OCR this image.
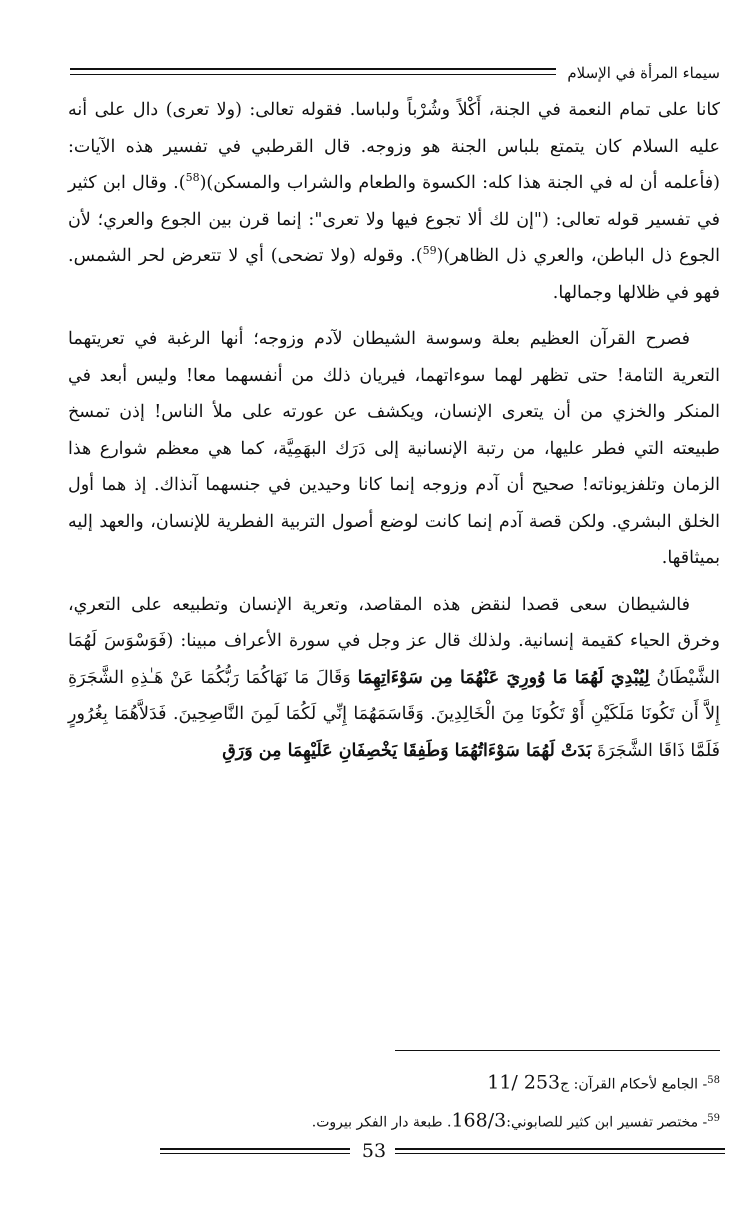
سيماء المرأة في الإسلام

كانا على تمام النعمة في الجنة، أَكْلاً وشُرْباً ولباسا. فقوله تعالى: (ولا تعرى) دال على أنه عليه السلام كان يتمتع بلباس الجنة هو وزوجه. قال القرطبي في تفسير هذه الآيات: (فأعلمه أن له في الجنة هذا كله: الكسوة والطعام والشراب والمسكن)($^{58}$). وقال ابن كثير في تفسير قوله تعالى: ("إن لك ألا تجوع فيها ولا تعرى": إنما قرن بين الجوع والعري؛ لأن الجوع ذل الباطن، والعري ذل الظاهر)($^{59}$). وقوله (ولا تضحى) أي لا تتعرض لحر الشمس. فهو في ظلالها وجمالها.

فصرح القرآن العظيم بعلة وسوسة الشيطان لآدم وزوجه؛ أنها الرغبة في تعريتهما التعرية التامة! حتى تظهر لهما سوءاتهما، فيريان ذلك من أنفسهما معا! وليس أبعد في المنكر والخزي من أن يتعرى الإنسان، ويكشف عن عورته على ملأ الناس! إذن تمسخ طبيعته التي فطر عليها، من رتبة الإنسانية إلى دَرَك البهَمِيَّة، كما هي معظم شوارع هذا الزمان وتلفزيوناته! صحيح أن آدم وزوجه إنما كانا وحيدين في جنسهما آنذاك. إذ هما أول الخلق البشري. ولكن قصة آدم إنما كانت لوضع أصول التربية الفطرية للإنسان، والعهد إليه بميثاقها.

فالشيطان سعى قصدا لنقض هذه المقاصد، وتعرية الإنسان وتطبيعه على التعري، وخرق الحياء كقيمة إنسانية. ولذلك قال عز وجل في سورة الأعراف مبينا: (فَوَسْوَسَ لَهُمَا الشَّيْطَانُ لِيُبْدِيَ لَهُمَا مَا وُورِيَ عَنْهُمَا مِن سَوْءَاتِهِمَا وَقَالَ مَا نَهَاكُمَا رَبُّكُمَا عَنْ هَـٰذِهِ الشَّجَرَةِ إِلاَّ أَن تَكُونَا مَلَكَيْنِ أَوْ تَكُونَا مِنَ الْخَالِدِينَ. وَقَاسَمَهُمَا إِنِّي لَكُمَا لَمِنَ النَّاصِحِينَ. فَدَلاَّهُمَا بِغُرُورٍ فَلَمَّا ذَاقَا الشَّجَرَةَ بَدَتْ لَهُمَا سَوْءَاتُهُمَا وَطَفِقَا يَخْصِفَانِ عَلَيْهِمَا مِن وَرَقِ

$^{58}$- الجامع لأحكام القرآن: ج11/ 253
$^{59}$- مختصر تفسير ابن كثير للصابوني:168/3. طبعة دار الفكر بيروت.
53
